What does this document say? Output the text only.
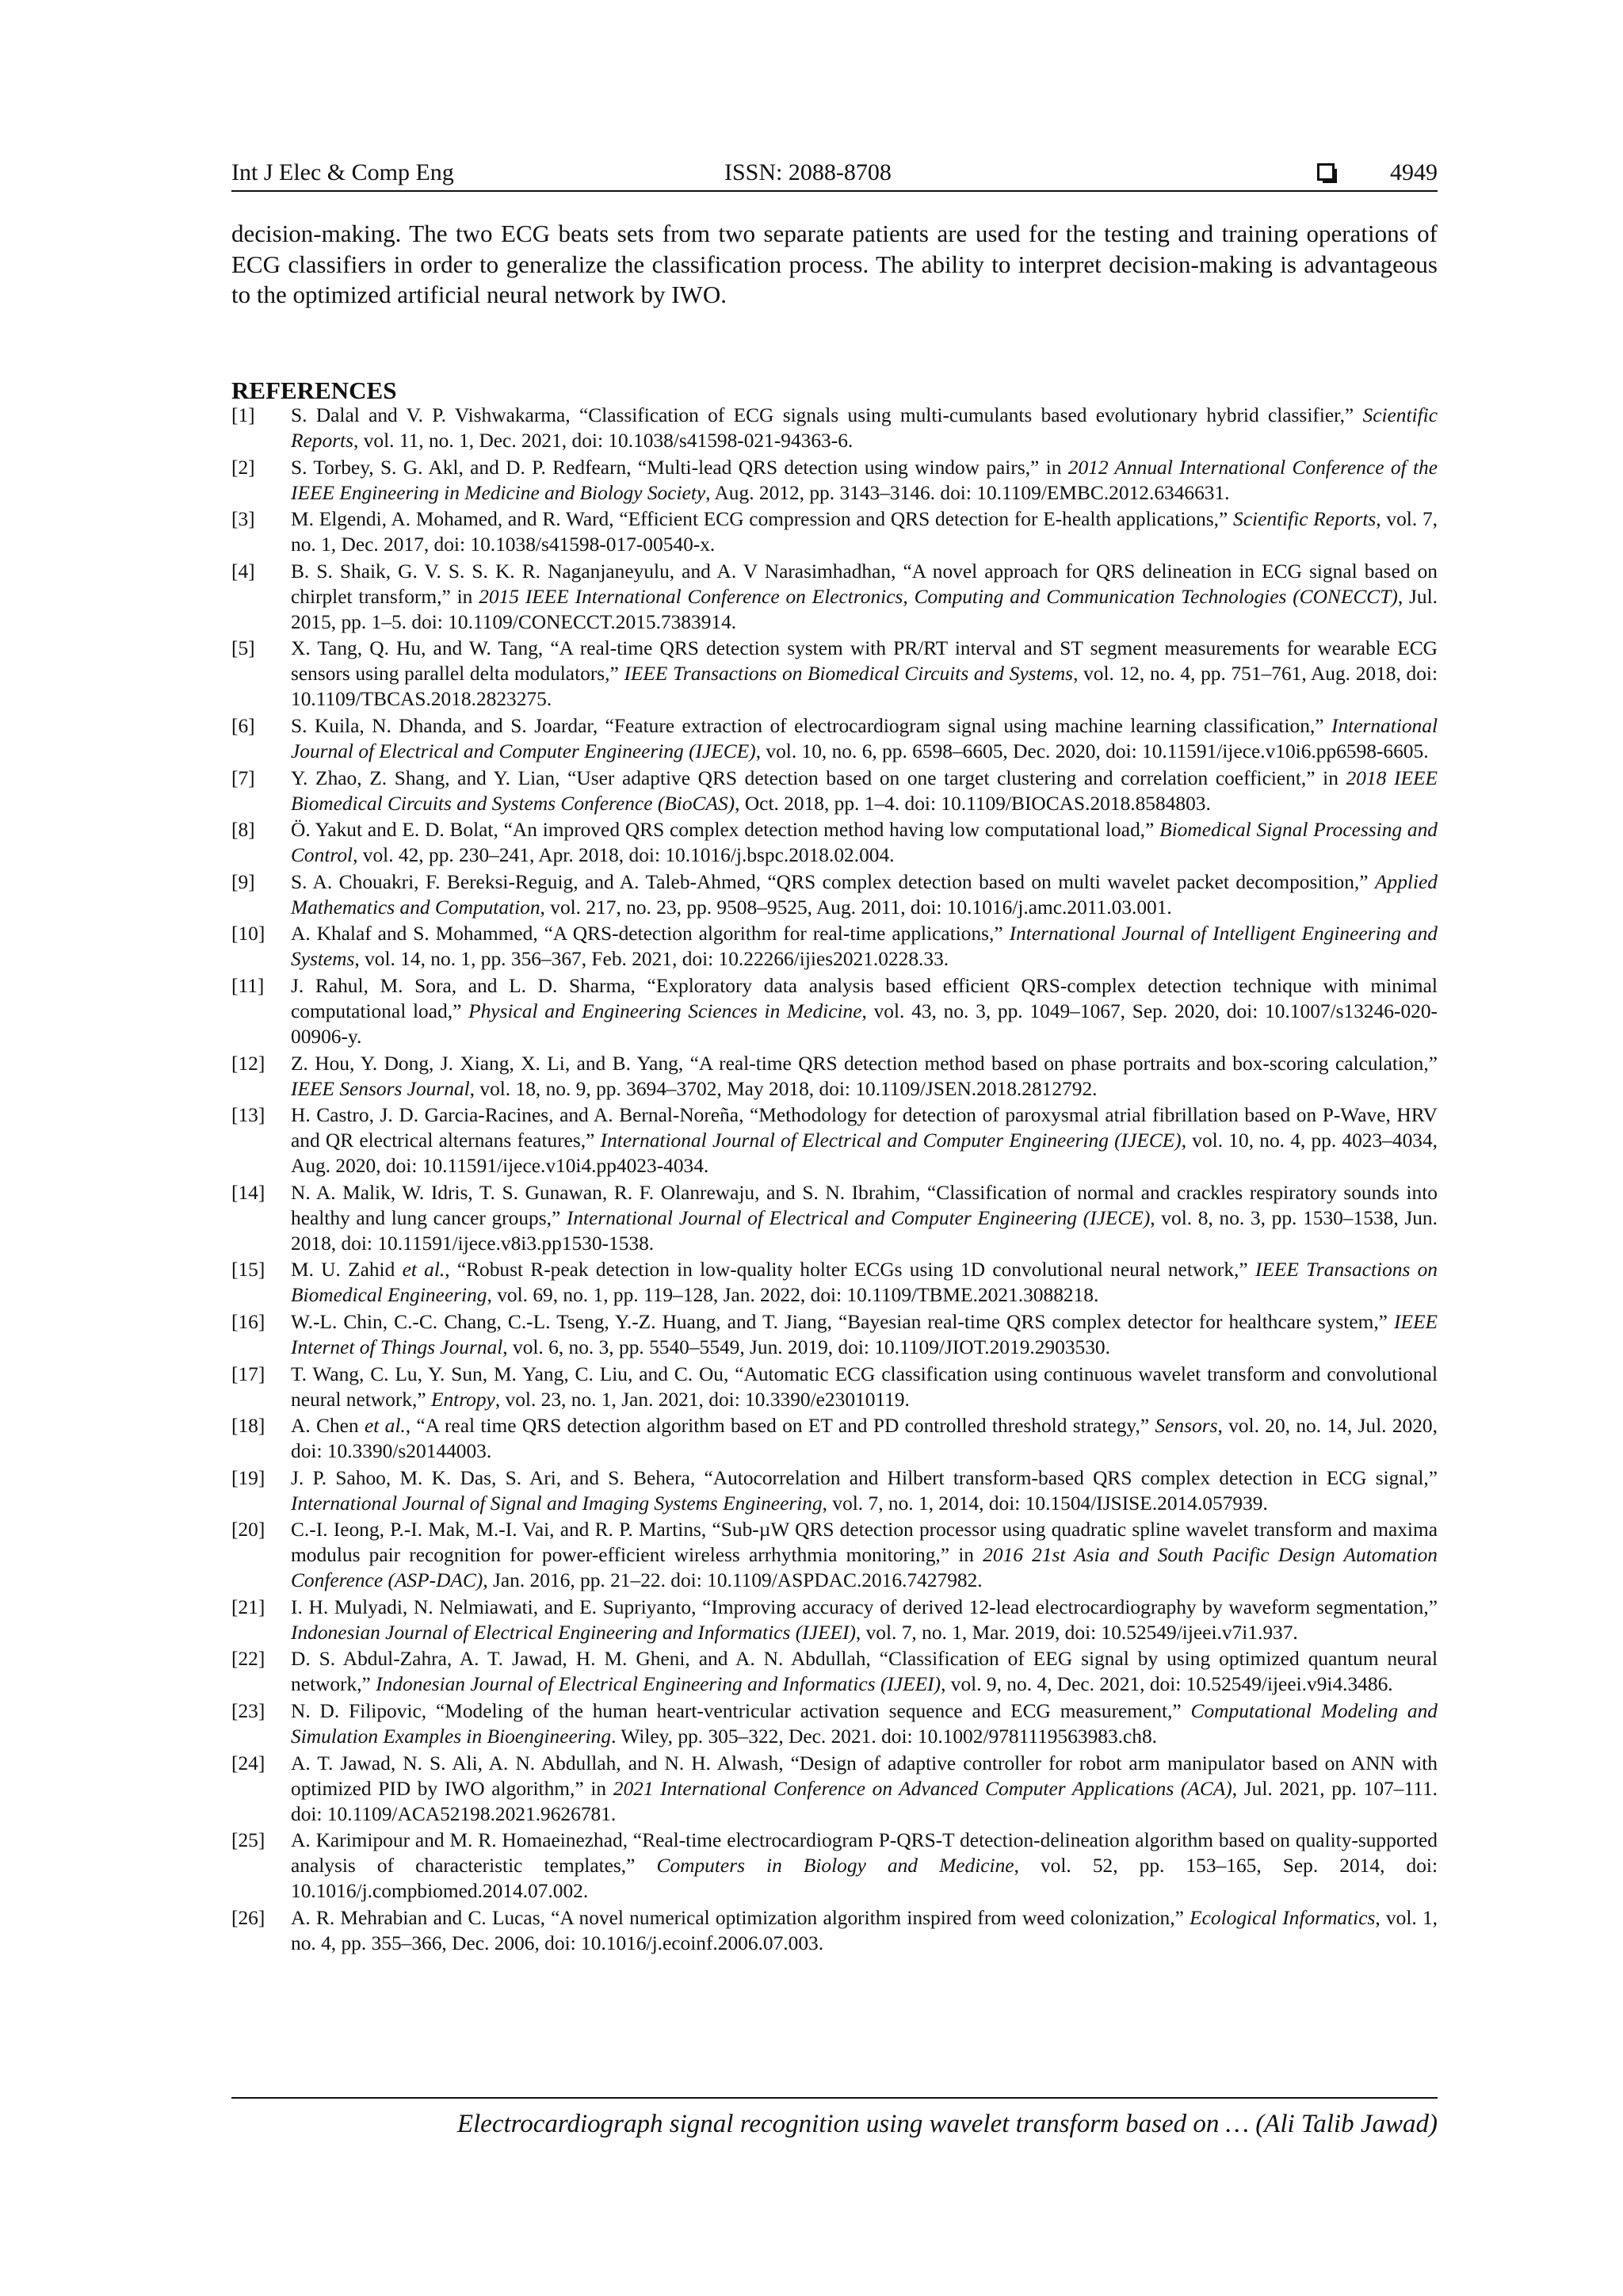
Int J Elec & Comp Eng	ISSN: 2088-8708	4949

decision-making. The two ECG beats sets from two separate patients are used for the testing and training operations of ECG classifiers in order to generalize the classification process. The ability to interpret decision-making is advantageous to the optimized artificial neural network by IWO.

REFERENCES
[1] S. Dalal and V. P. Vishwakarma, “Classification of ECG signals using multi-cumulants based evolutionary hybrid classifier,” Scientific Reports, vol. 11, no. 1, Dec. 2021, doi: 10.1038/s41598-021-94363-6.
[2] S. Torbey, S. G. Akl, and D. P. Redfearn, “Multi-lead QRS detection using window pairs,” in 2012 Annual International Conference of the IEEE Engineering in Medicine and Biology Society, Aug. 2012, pp. 3143–3146. doi: 10.1109/EMBC.2012.6346631.
[3] M. Elgendi, A. Mohamed, and R. Ward, “Efficient ECG compression and QRS detection for E-health applications,” Scientific Reports, vol. 7, no. 1, Dec. 2017, doi: 10.1038/s41598-017-00540-x.
[4] B. S. Shaik, G. V. S. S. K. R. Naganjaneyulu, and A. V Narasimhadhan, “A novel approach for QRS delineation in ECG signal based on chirplet transform,” in 2015 IEEE International Conference on Electronics, Computing and Communication Technologies (CONECCT), Jul. 2015, pp. 1–5. doi: 10.1109/CONECCT.2015.7383914.
[5] X. Tang, Q. Hu, and W. Tang, “A real-time QRS detection system with PR/RT interval and ST segment measurements for wearable ECG sensors using parallel delta modulators,” IEEE Transactions on Biomedical Circuits and Systems, vol. 12, no. 4, pp. 751–761, Aug. 2018, doi: 10.1109/TBCAS.2018.2823275.
[6] S. Kuila, N. Dhanda, and S. Joardar, “Feature extraction of electrocardiogram signal using machine learning classification,” International Journal of Electrical and Computer Engineering (IJECE), vol. 10, no. 6, pp. 6598–6605, Dec. 2020, doi: 10.11591/ijece.v10i6.pp6598-6605.
[7] Y. Zhao, Z. Shang, and Y. Lian, “User adaptive QRS detection based on one target clustering and correlation coefficient,” in 2018 IEEE Biomedical Circuits and Systems Conference (BioCAS), Oct. 2018, pp. 1–4. doi: 10.1109/BIOCAS.2018.8584803.
[8] Ö. Yakut and E. D. Bolat, “An improved QRS complex detection method having low computational load,” Biomedical Signal Processing and Control, vol. 42, pp. 230–241, Apr. 2018, doi: 10.1016/j.bspc.2018.02.004.
[9] S. A. Chouakri, F. Bereksi-Reguig, and A. Taleb-Ahmed, “QRS complex detection based on multi wavelet packet decomposition,” Applied Mathematics and Computation, vol. 217, no. 23, pp. 9508–9525, Aug. 2011, doi: 10.1016/j.amc.2011.03.001.
[10] A. Khalaf and S. Mohammed, “A QRS-detection algorithm for real-time applications,” International Journal of Intelligent Engineering and Systems, vol. 14, no. 1, pp. 356–367, Feb. 2021, doi: 10.22266/ijies2021.0228.33.
[11] J. Rahul, M. Sora, and L. D. Sharma, “Exploratory data analysis based efficient QRS-complex detection technique with minimal computational load,” Physical and Engineering Sciences in Medicine, vol. 43, no. 3, pp. 1049–1067, Sep. 2020, doi: 10.1007/s13246-020-00906-y.
[12] Z. Hou, Y. Dong, J. Xiang, X. Li, and B. Yang, “A real-time QRS detection method based on phase portraits and box-scoring calculation,” IEEE Sensors Journal, vol. 18, no. 9, pp. 3694–3702, May 2018, doi: 10.1109/JSEN.2018.2812792.
[13] H. Castro, J. D. Garcia-Racines, and A. Bernal-Noreña, “Methodology for detection of paroxysmal atrial fibrillation based on P-Wave, HRV and QR electrical alternans features,” International Journal of Electrical and Computer Engineering (IJECE), vol. 10, no. 4, pp. 4023–4034, Aug. 2020, doi: 10.11591/ijece.v10i4.pp4023-4034.
[14] N. A. Malik, W. Idris, T. S. Gunawan, R. F. Olanrewaju, and S. N. Ibrahim, “Classification of normal and crackles respiratory sounds into healthy and lung cancer groups,” International Journal of Electrical and Computer Engineering (IJECE), vol. 8, no. 3, pp. 1530–1538, Jun. 2018, doi: 10.11591/ijece.v8i3.pp1530-1538.
[15] M. U. Zahid et al., “Robust R-peak detection in low-quality holter ECGs using 1D convolutional neural network,” IEEE Transactions on Biomedical Engineering, vol. 69, no. 1, pp. 119–128, Jan. 2022, doi: 10.1109/TBME.2021.3088218.
[16] W.-L. Chin, C.-C. Chang, C.-L. Tseng, Y.-Z. Huang, and T. Jiang, “Bayesian real-time QRS complex detector for healthcare system,” IEEE Internet of Things Journal, vol. 6, no. 3, pp. 5540–5549, Jun. 2019, doi: 10.1109/JIOT.2019.2903530.
[17] T. Wang, C. Lu, Y. Sun, M. Yang, C. Liu, and C. Ou, “Automatic ECG classification using continuous wavelet transform and convolutional neural network,” Entropy, vol. 23, no. 1, Jan. 2021, doi: 10.3390/e23010119.
[18] A. Chen et al., “A real time QRS detection algorithm based on ET and PD controlled threshold strategy,” Sensors, vol. 20, no. 14, Jul. 2020, doi: 10.3390/s20144003.
[19] J. P. Sahoo, M. K. Das, S. Ari, and S. Behera, “Autocorrelation and Hilbert transform-based QRS complex detection in ECG signal,” International Journal of Signal and Imaging Systems Engineering, vol. 7, no. 1, 2014, doi: 10.1504/IJSISE.2014.057939.
[20] C.-I. Ieong, P.-I. Mak, M.-I. Vai, and R. P. Martins, “Sub-µW QRS detection processor using quadratic spline wavelet transform and maxima modulus pair recognition for power-efficient wireless arrhythmia monitoring,” in 2016 21st Asia and South Pacific Design Automation Conference (ASP-DAC), Jan. 2016, pp. 21–22. doi: 10.1109/ASPDAC.2016.7427982.
[21] I. H. Mulyadi, N. Nelmiawati, and E. Supriyanto, “Improving accuracy of derived 12-lead electrocardiography by waveform segmentation,” Indonesian Journal of Electrical Engineering and Informatics (IJEEI), vol. 7, no. 1, Mar. 2019, doi: 10.52549/ijeei.v7i1.937.
[22] D. S. Abdul-Zahra, A. T. Jawad, H. M. Gheni, and A. N. Abdullah, “Classification of EEG signal by using optimized quantum neural network,” Indonesian Journal of Electrical Engineering and Informatics (IJEEI), vol. 9, no. 4, Dec. 2021, doi: 10.52549/ijeei.v9i4.3486.
[23] N. D. Filipovic, “Modeling of the human heart-ventricular activation sequence and ECG measurement,” Computational Modeling and Simulation Examples in Bioengineering. Wiley, pp. 305–322, Dec. 2021. doi: 10.1002/9781119563983.ch8.
[24] A. T. Jawad, N. S. Ali, A. N. Abdullah, and N. H. Alwash, “Design of adaptive controller for robot arm manipulator based on ANN with optimized PID by IWO algorithm,” in 2021 International Conference on Advanced Computer Applications (ACA), Jul. 2021, pp. 107–111. doi: 10.1109/ACA52198.2021.9626781.
[25] A. Karimipour and M. R. Homaeinezhad, “Real-time electrocardiogram P-QRS-T detection-delineation algorithm based on quality-supported analysis of characteristic templates,” Computers in Biology and Medicine, vol. 52, pp. 153–165, Sep. 2014, doi: 10.1016/j.compbiomed.2014.07.002.
[26] A. R. Mehrabian and C. Lucas, “A novel numerical optimization algorithm inspired from weed colonization,” Ecological Informatics, vol. 1, no. 4, pp. 355–366, Dec. 2006, doi: 10.1016/j.ecoinf.2006.07.003.
Electrocardiograph signal recognition using wavelet transform based on … (Ali Talib Jawad)
